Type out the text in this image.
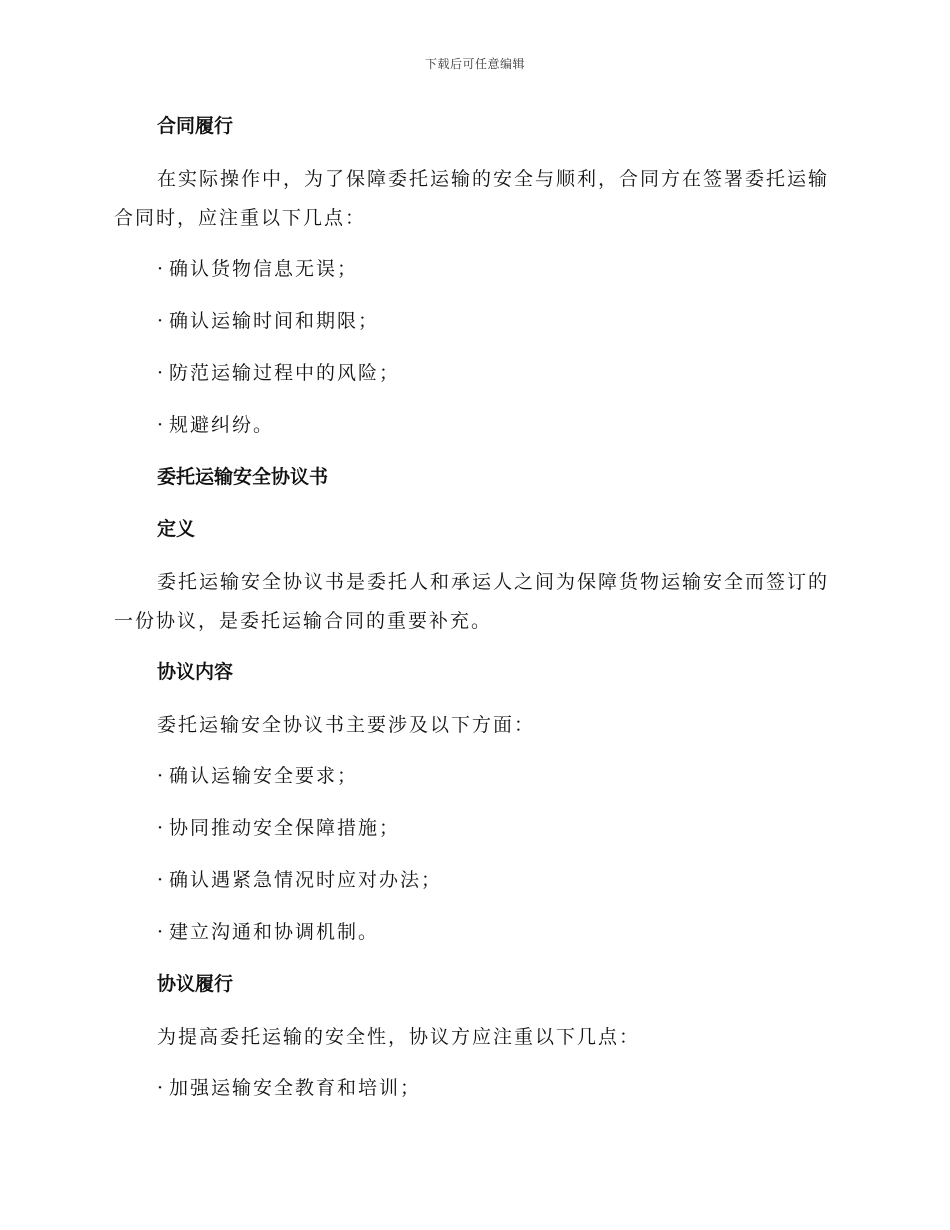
下载后可任意编辑
合同履行
在实际操作中，为了保障委托运输的安全与顺利，合同方在签署委托运输合同时，应注重以下几点：
· 确认货物信息无误；
· 确认运输时间和期限；
· 防范运输过程中的风险；
· 规避纠纷。
委托运输安全协议书
定义
委托运输安全协议书是委托人和承运人之间为保障货物运输安全而签订的一份协议，是委托运输合同的重要补充。
协议内容
委托运输安全协议书主要涉及以下方面：
· 确认运输安全要求；
· 协同推动安全保障措施；
· 确认遇紧急情况时应对办法；
· 建立沟通和协调机制。
协议履行
为提高委托运输的安全性，协议方应注重以下几点：
· 加强运输安全教育和培训；
